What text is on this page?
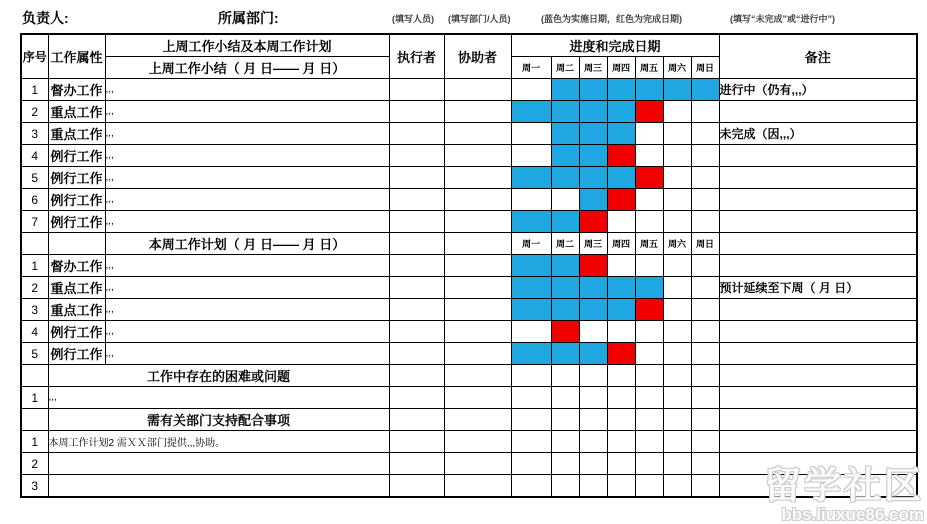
负责人:	所属部门:	(填写人员) (填写部门/人员)	(蓝色为实施日期，红色为完成日期)	(填写“未完成”或“进行中”)
序号	工作属性	上周工作小结及本周工作计划	执行者	协助者	进度和完成日期							备注
		上周工作小结（ 月 日—— 月 日）			周一	周二	周三	周四	周五	周六	周日	
1	督办工作	,,,										进行中（仍有,,,）
2	重点工作	,,,										
3	重点工作	,,,										未完成（因,,,）
4	例行工作	,,,										
5	例行工作	,,,										
6	例行工作	,,,										
7	例行工作	,,,										
		本周工作计划（ 月 日—— 月 日）			周一	周二	周三	周四	周五	周六	周日	
1	督办工作	,,,										
2	重点工作	,,,										预计延续至下周（ 月 日）
3	重点工作	,,,										
4	例行工作	,,,										
5	例行工作	,,,										
	工作中存在的困难或问题											
1	,,,											
	需有关部门支持配合事项											
1	本周工作计划2 需ＸＸ部门提供,,,协助。											
2												
3													留学社区
bbs.liuxue86.com
